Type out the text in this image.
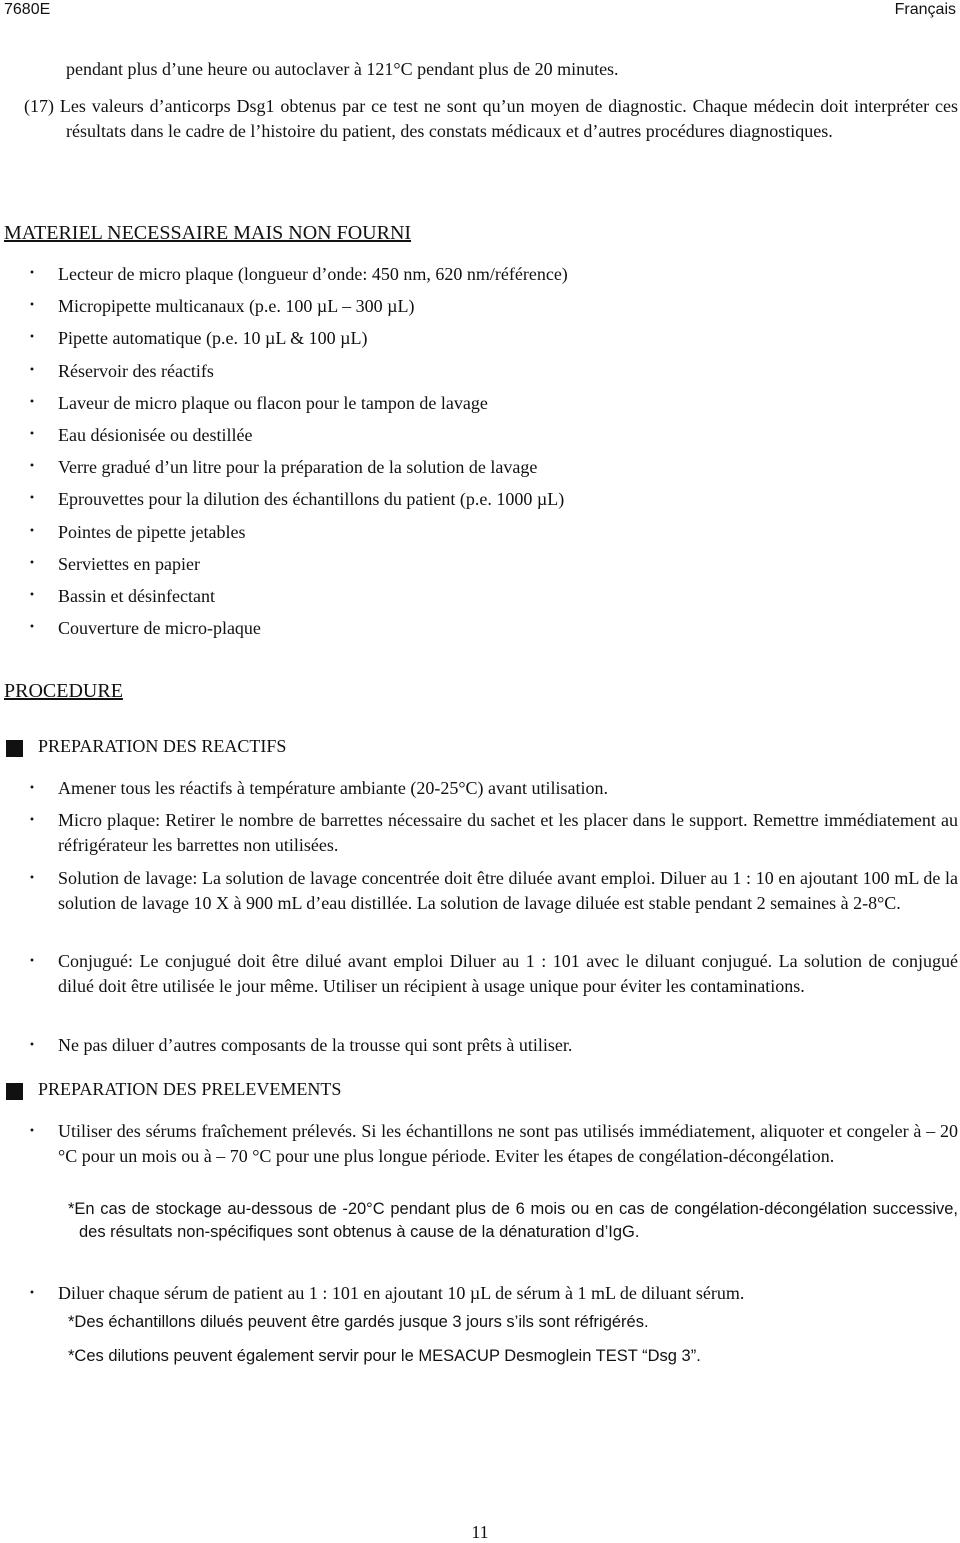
7680E	Français

pendant plus d’une heure ou autoclaver à 121°C pendant plus de 20 minutes.

(17) Les valeurs d’anticorps Dsg1 obtenus par ce test ne sont qu’un moyen de diagnostic. Chaque médecin doit interpréter ces résultats dans le cadre de l’histoire du patient, des constats médicaux et d’autres procédures diagnostiques.

MATERIEL NECESSAIRE MAIS NON FOURNI
・ Lecteur de micro plaque (longueur d’onde: 450 nm, 620 nm/référence)
・ Micropipette multicanaux (p.e. 100 µL – 300 µL)
・ Pipette automatique (p.e. 10 µL & 100 µL)
・ Réservoir des réactifs
・ Laveur de micro plaque ou flacon pour le tampon de lavage
・ Eau désionisée ou destillée
・ Verre gradué d’un litre pour la préparation de la solution de lavage
・ Eprouvettes pour la dilution des échantillons du patient (p.e. 1000 µL)
・ Pointes de pipette jetables
・ Serviettes en papier
・ Bassin et désinfectant
・ Couverture de micro-plaque
PROCEDURE

PREPARATION DES REACTIFS

・ Amener tous les réactifs à température ambiante (20-25°C) avant utilisation.
・ Micro plaque: Retirer le nombre de barrettes nécessaire du sachet et les placer dans le support. Remettre immédiatement au réfrigérateur les barrettes non utilisées.
・ Solution de lavage: La solution de lavage concentrée doit être diluée avant emploi. Diluer au 1 : 10 en ajoutant 100 mL de la solution de lavage 10 X à 900 mL d’eau distillée. La solution de lavage diluée est stable pendant 2 semaines à 2-8°C.
・ Conjugué: Le conjugué doit être dilué avant emploi Diluer au 1 : 101 avec le diluant conjugué. La solution de conjugué dilué doit être utilisée le jour même. Utiliser un récipient à usage unique pour éviter les contaminations.
・ Ne pas diluer d’autres composants de la trousse qui sont prêts à utiliser.

PREPARATION DES PRELEVEMENTS

・ Utiliser des sérums fraîchement prélevés. Si les échantillons ne sont pas utilisés immédiatement, aliquoter et congeler à – 20 °C pour un mois ou à – 70 °C pour une plus longue période. Eviter les étapes de congélation-décongélation.
*En cas de stockage au-dessous de -20°C pendant plus de 6 mois ou en cas de congélation-décongélation successive, des résultats non-spécifiques sont obtenus à cause de la dénaturation d’IgG.
・ Diluer chaque sérum de patient au 1 : 101 en ajoutant 10 µL de sérum à 1 mL de diluant sérum.
*Des échantillons dilués peuvent être gardés jusque 3 jours s’ils sont réfrigérés.
*Ces dilutions peuvent également servir pour le MESACUP Desmoglein TEST “Dsg 3”.
11
